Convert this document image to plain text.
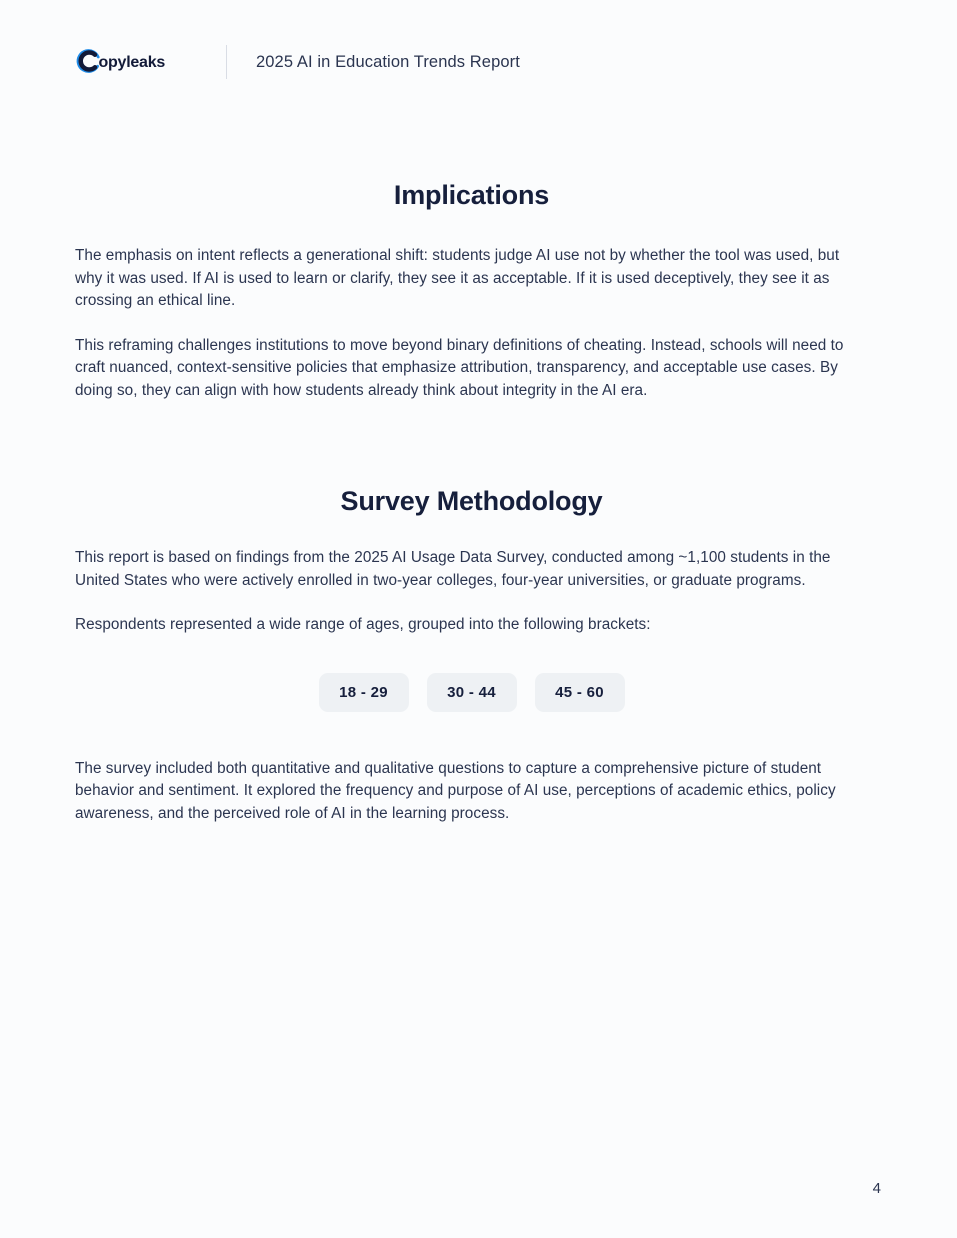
opyleaks	2025 AI in Education Trends Report
Implications

The emphasis on intent reflects a generational shift: students judge AI use not by whether the tool was used, but why it was used. If AI is used to learn or clarify, they see it as acceptable. If it is used deceptively, they see it as crossing an ethical line.

This reframing challenges institutions to move beyond binary definitions of cheating. Instead, schools will need to craft nuanced, context-sensitive policies that emphasize attribution, transparency, and acceptable use cases. By doing so, they can align with how students already think about integrity in the AI era.

Survey Methodology

This report is based on findings from the 2025 AI Usage Data Survey, conducted among ~1,100 students in the United States who were actively enrolled in two-year colleges, four-year universities, or graduate programs.

Respondents represented a wide range of ages, grouped into the following brackets:

18 - 29	30 - 44	45 - 60

The survey included both quantitative and qualitative questions to capture a comprehensive picture of student behavior and sentiment. It explored the frequency and purpose of AI use, perceptions of academic ethics, policy awareness, and the perceived role of AI in the learning process.

4
